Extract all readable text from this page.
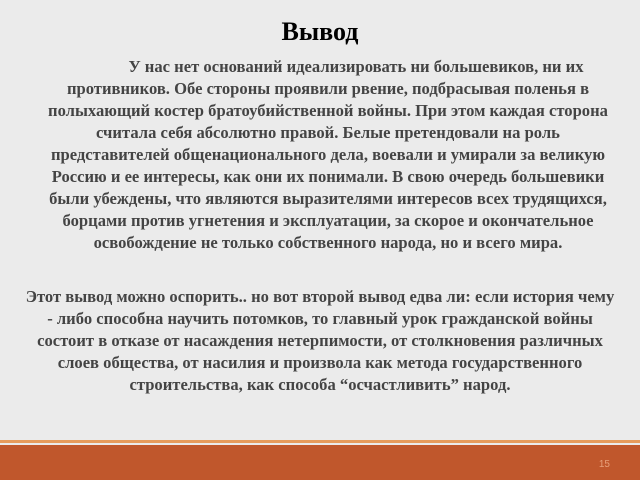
Вывод

У нас нет оснований идеализировать ни большевиков, ни их противников. Обе стороны проявили рвение, подбрасывая поленья в полыхающий костер братоубийственной войны. При этом каждая сторона считала себя абсолютно правой. Белые претендовали на роль представителей общенационального дела, воевали и умирали за великую Россию и ее интересы, как они их понимали. В свою очередь большевики были убеждены, что являются выразителями интересов всех трудящихся, борцами против угнетения и эксплуатации, за скорое и окончательное освобождение не только собственного народа, но и всего мира.

Этот вывод можно оспорить.. но вот второй вывод едва ли: если история чему - либо способна научить потомков, то главный урок гражданской войны состоит в отказе от насаждения нетерпимости, от столкновения различных слоев общества, от насилия и произвола как метода государственного строительства, как способа “осчастливить” народ.

15
